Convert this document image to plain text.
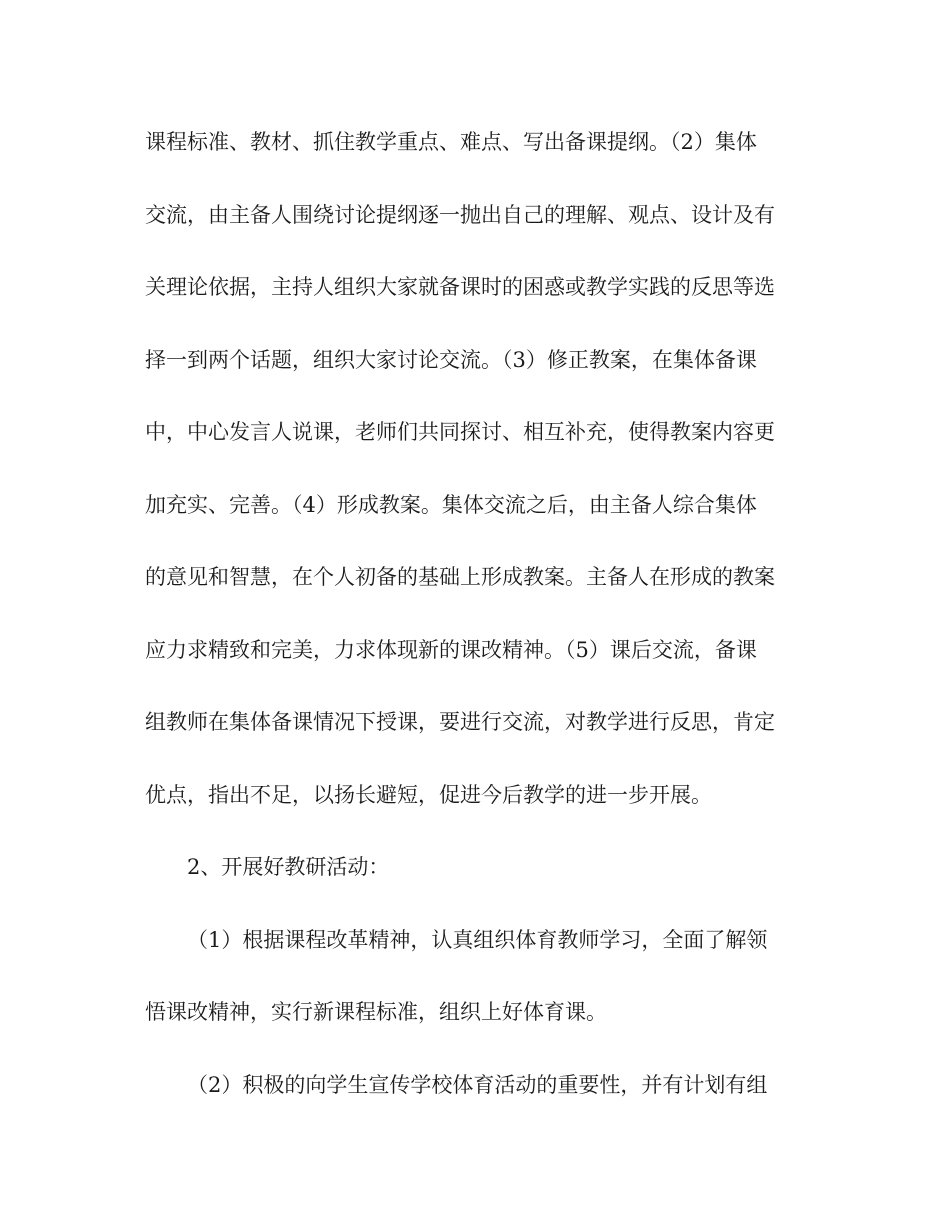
课程标准、教材、抓住教学重点、难点、写出备课提纲。（2）集体
交流，由主备人围绕讨论提纲逐一抛出自己的理解、观点、设计及有
关理论依据，主持人组织大家就备课时的困惑或教学实践的反思等选
择一到两个话题，组织大家讨论交流。（3）修正教案，在集体备课
中，中心发言人说课，老师们共同探讨、相互补充，使得教案内容更
加充实、完善。（4）形成教案。集体交流之后，由主备人综合集体
的意见和智慧，在个人初备的基础上形成教案。主备人在形成的教案
应力求精致和完美，力求体现新的课改精神。（5）课后交流，备课
组教师在集体备课情况下授课，要进行交流，对教学进行反思，肯定
优点，指出不足，以扬长避短，促进今后教学的进一步开展。
2、开展好教研活动：
（1）根据课程改革精神，认真组织体育教师学习，全面了解领
悟课改精神，实行新课程标准，组织上好体育课。
（2）积极的向学生宣传学校体育活动的重要性，并有计划有组
